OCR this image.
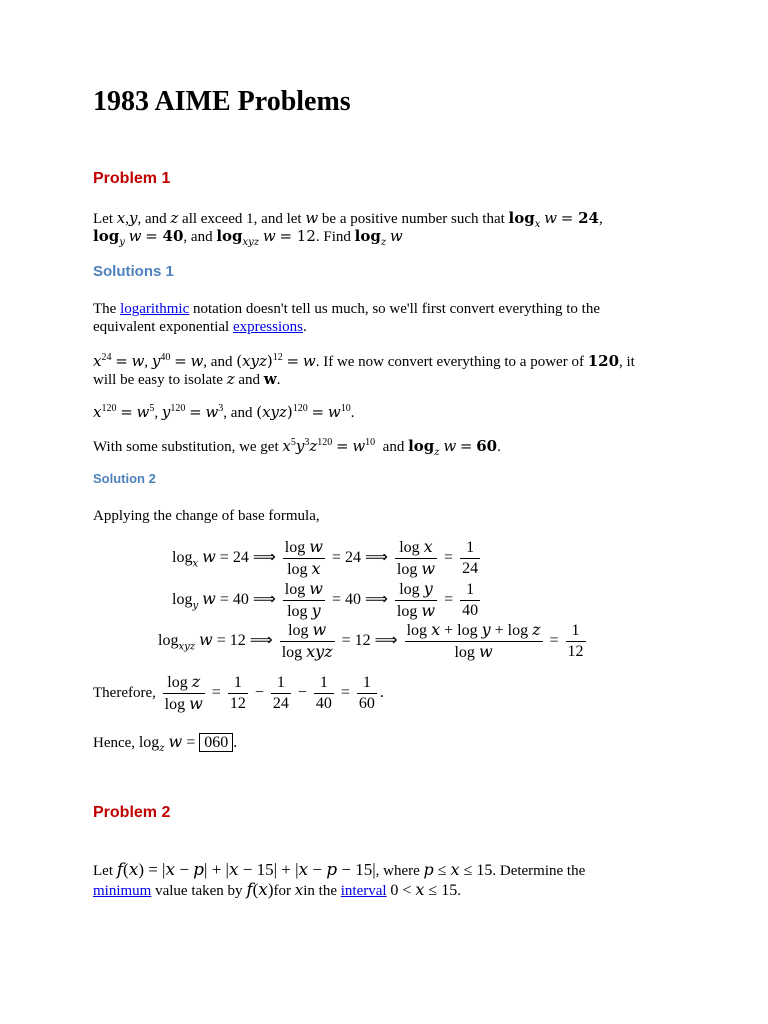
1983 AIME Problems
Problem 1
Let x,y, and z all exceed 1, and let w be a positive number such that $\log_x w = 24$,
$\log_y w = 40$, and $\log_{xyz} w = 12$. Find $\log_z w$
Solutions 1
The logarithmic notation doesn't tell us much, so we'll first convert everything to the
equivalent exponential expressions.
$x^{24} = w$, $y^{40} = w$, and (xyz)$^{12}$ = w. If we now convert everything to a power of 120, it
will be easy to isolate z and w.
$x^{120} = w^5$, $y^{120} = w^3$, and $(xyz)^{120} = w^{10}$.
With some substitution, we get $x^5y^3z^{120} = w^{10}$ and $\log_z w = 60$.
Solution 2
Applying the change of base formula,
$\log_x w = 24$ ⟹ $\frac{\text{log w}}{\text{log x}} = 24$ ⟹ $\frac{\text{log x}}{\text{log w}} = \frac{1}{24}$
$\log_y w = 40$ ⟹ $\frac{\text{log w}}{\text{log y}} = 40$ ⟹ $\frac{\text{log y}}{\text{log w}} = \frac{1}{40}$
$\log_{xyz} w = 12$ ⟹ $\frac{\text{log w}}{\text{log xyz}} = 12$ ⟹ $\frac{\text{log x + log y + log z}}{\text{log w}} = \frac{1}{12}$
Therefore, $\frac{\text{log z}}{\text{log w}} = \frac{1}{12} - \frac{1}{24} - \frac{1}{40} = \frac{1}{60}$ .
Hence, $\log_z w = 060$ .
Problem 2
Let f(x) = |x − p| + |x − 15| + |x − p − 15|, where p ≤ x ≤ 15. Determine the
minimum value taken by f(x)for xin the interval 0 < x ≤ 15.
